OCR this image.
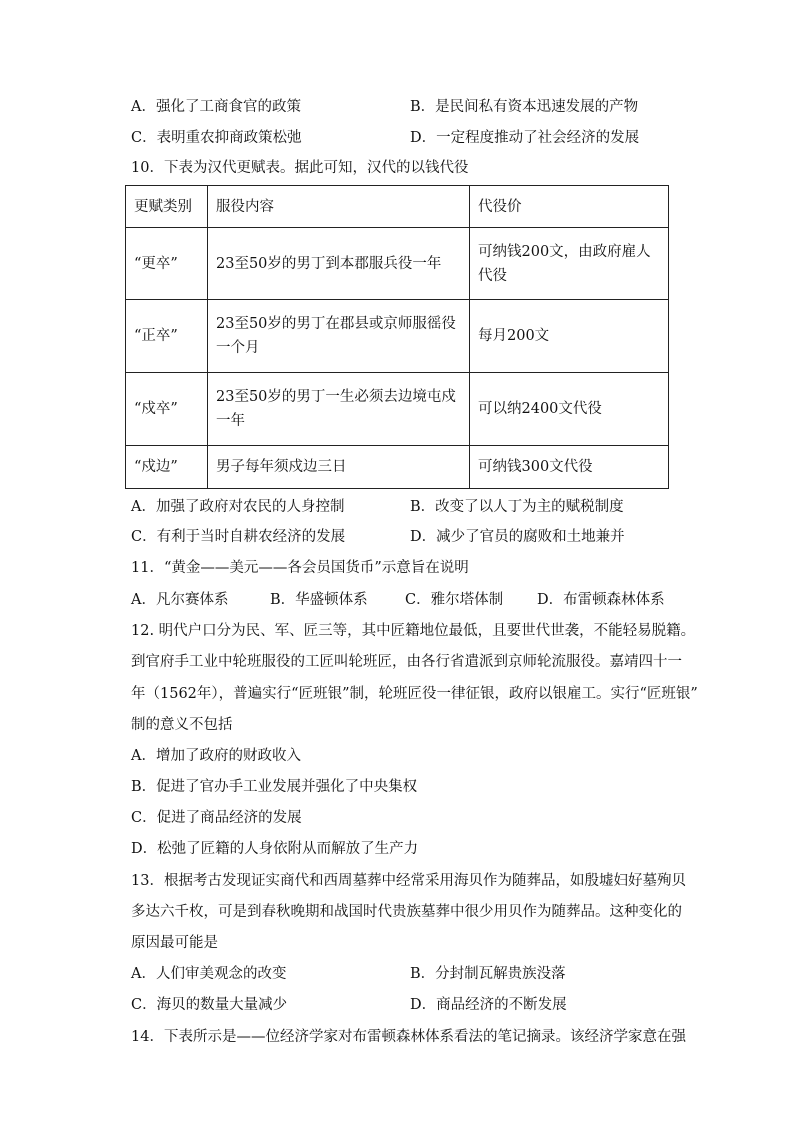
A．强化了工商食官的政策	B．是民间私有资本迅速发展的产物
C．表明重农抑商政策松弛	D．一定程度推动了社会经济的发展
10．下表为汉代更赋表。据此可知，汉代的以钱代役
更赋类别	服役内容	代役价
“更卒”	23至50岁的男丁到本郡服兵役一年	可纳钱200文，由政府雇人代役
“正卒”	23至50岁的男丁在郡县或京师服徭役一个月	每月200文
“戍卒”	23至50岁的男丁一生必须去边境屯戍一年	可以纳2400文代役
“戍边”	男子每年须戍边三日	可纳钱300文代役
A．加强了政府对农民的人身控制	B．改变了以人丁为主的赋税制度
C．有利于当时自耕农经济的发展	D．减少了官员的腐败和土地兼并
11．“黄金——美元——各会员国货币”示意旨在说明
A．凡尔赛体系	B．华盛顿体系	C．雅尔塔体制 D．布雷顿森林体系
12. 明代户口分为民、军、匠三等，其中匠籍地位最低，且要世代世袭，不能轻易脱籍。
到官府手工业中轮班服役的工匠叫轮班匠，由各行省遣派到京师轮流服役。嘉靖四十一
年（1562年），普遍实行“匠班银”制，轮班匠役一律征银，政府以银雇工。实行“匠班银”
制的意义不包括
A．增加了政府的财政收入
B．促进了官办手工业发展并强化了中央集权
C．促进了商品经济的发展
D．松弛了匠籍的人身依附从而解放了生产力
13．根据考古发现证实商代和西周墓葬中经常采用海贝作为随葬品，如殷墟妇好墓殉贝
多达六千枚，可是到春秋晚期和战国时代贵族墓葬中很少用贝作为随葬品。这种变化的
原因最可能是
A．人们审美观念的改变	B．分封制瓦解贵族没落
C．海贝的数量大量减少	D．商品经济的不断发展
14．下表所示是——位经济学家对布雷顿森林体系看法的笔记摘录。该经济学家意在强
